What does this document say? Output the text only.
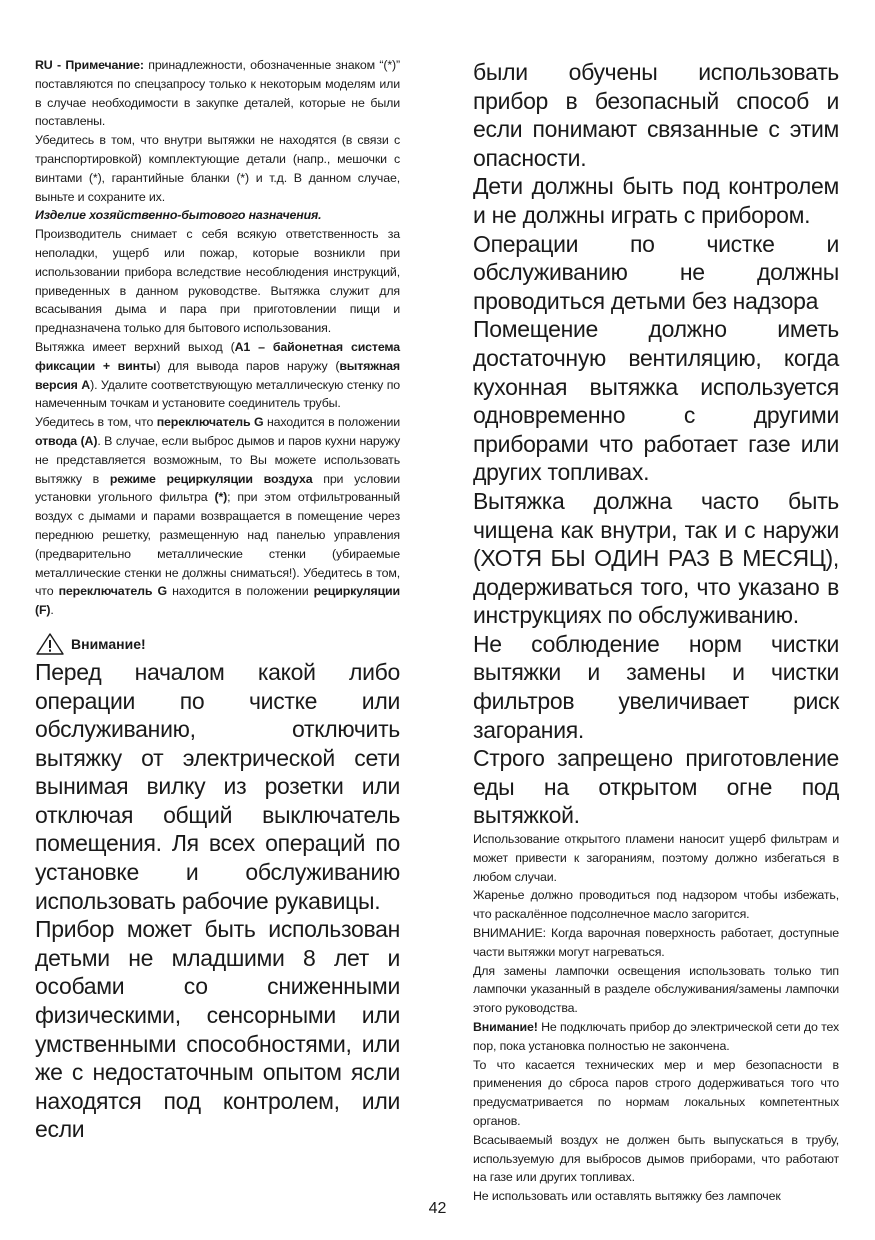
RU - Примечание: принадлежности, обозначенные знаком “(*)” поставляются по спецзапросу только к некоторым моделям или в случае необходимости в закупке деталей, которые не были поставлены.

Убедитесь в том, что внутри вытяжки не находятся (в связи с транспортировкой) комплектующие детали (напр., мешочки с винтами (*), гарантийные бланки (*) и т.д. В данном случае, выньте и сохраните их.

Изделие хозяйственно-бытового назначения.

Производитель снимает с себя всякую ответственность за неполадки, ущерб или пожар, которые возникли при использовании прибора вследствие несоблюдения инструкций, приведенных в данном руководстве. Вытяжка служит для всасывания дыма и пара при приготовлении пищи и предназначена только для бытового использования.

Вытяжка имеет верхний выход (A1 – байонетная система фиксации + винты) для вывода паров наружу (вытяжная версия A). Удалите соответствующую металлическую стенку по намеченным точкам и установите соединитель трубы.

Убедитесь в том, что переключатель G находится в положении отвода (A). В случае, если выброс дымов и паров кухни наружу не представляется возможным, то Вы можете использовать вытяжку в режиме рециркуляции воздуха при условии установки угольного фильтра (*); при этом отфильтрованный воздух с дымами и парами возвращается в помещение через переднюю решетку, размещенную над панелью управления (предварительно металлические стенки (убираемые металлические стенки не должны сниматься!). Убедитесь в том, что переключатель G находится в положении рециркуляции (F).

Внимание!

Перед началом какой либо операции по чистке или обслуживанию, отключить вытяжку от электрической сети вынимая вилку из розетки или отключая общий выключатель помещения. Ля всех операций по установке и обслуживанию использовать рабочие рукавицы.

Прибор может быть использован детьми не младшими 8 лет и особами со сниженными физическими, сенсорными или умственными способностями, или же с недостаточным опытом ясли находятся под контролем, или если

были обучены использовать прибор в безопасный способ и если понимают связанные с этим опасности.

Дети должны быть под контролем и не должны играть с прибором.

Операции по чистке и обслуживанию не должны проводиться детьми без надзора

Помещение должно иметь достаточную вентиляцию, когда кухонная вытяжка используется одновременно с другими приборами что работает газе или других топливах.

Вытяжка должна часто быть чищена как внутри, так и с наружи (ХОТЯ БЫ ОДИН РАЗ В МЕСЯЦ), додерживаться того, что указано в инструкциях по обслуживанию.

Не соблюдение норм чистки вытяжки и замены и чистки фильтров увеличивает риск загорания.

Строго запрещено приготовление еды на открытом огне под вытяжкой.

Использование открытого пламени наносит ущерб фильтрам и может привести к загораниям, поэтому должно избегаться в любом случаи.

Жаренье должно проводиться под надзором чтобы избежать, что раскалённое подсолнечное масло загорится.

ВНИМАНИЕ: Когда варочная поверхность работает, доступные части вытяжки могут нагреваться.

Для замены лампочки освещения использовать только тип лампочки указанный в разделе обслуживания/замены лампочки этого руководства.

Внимание! Не подключать прибор до электрической сети до тех пор, пока установка полностью не закончена.

То что касается технических мер и мер безопасности в применения до сброса паров строго додерживаться того что предусматривается по нормам локальных компетентных органов.

Всасываемый воздух не должен быть выпускаться в трубу, используемую для выбросов дымов приборами, что работают на газе или других топливах.

Не использовать или оставлять вытяжку без лампочек

42
